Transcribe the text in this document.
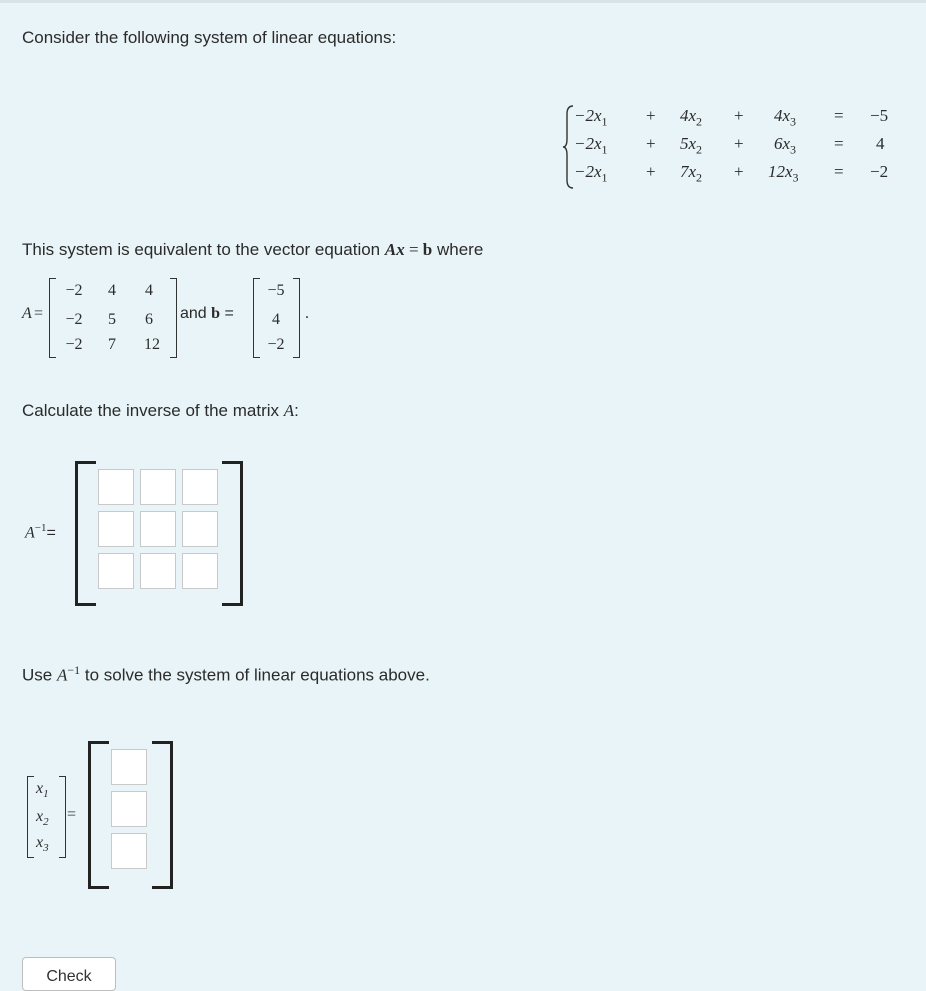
Consider the following system of linear equations:
$-2x_1 + 4x_2 + 4x_3 = -5$
$-2x_1 + 5x_2 + 6x_3 = 4$
$-2x_1 + 7x_2 + 12x_3 = -2$
This system is equivalent to the vector equation Ax = b where
A =
−2	4	4
−2	5	6
−2	7	12
and b =
−5
4
−2
.
Calculate the inverse of the matrix A:
$A^{-1}=$
Use $A^{-1}$ to solve the system of linear equations above.
$x_1$
$x_2$
$x_3$
=
Check
